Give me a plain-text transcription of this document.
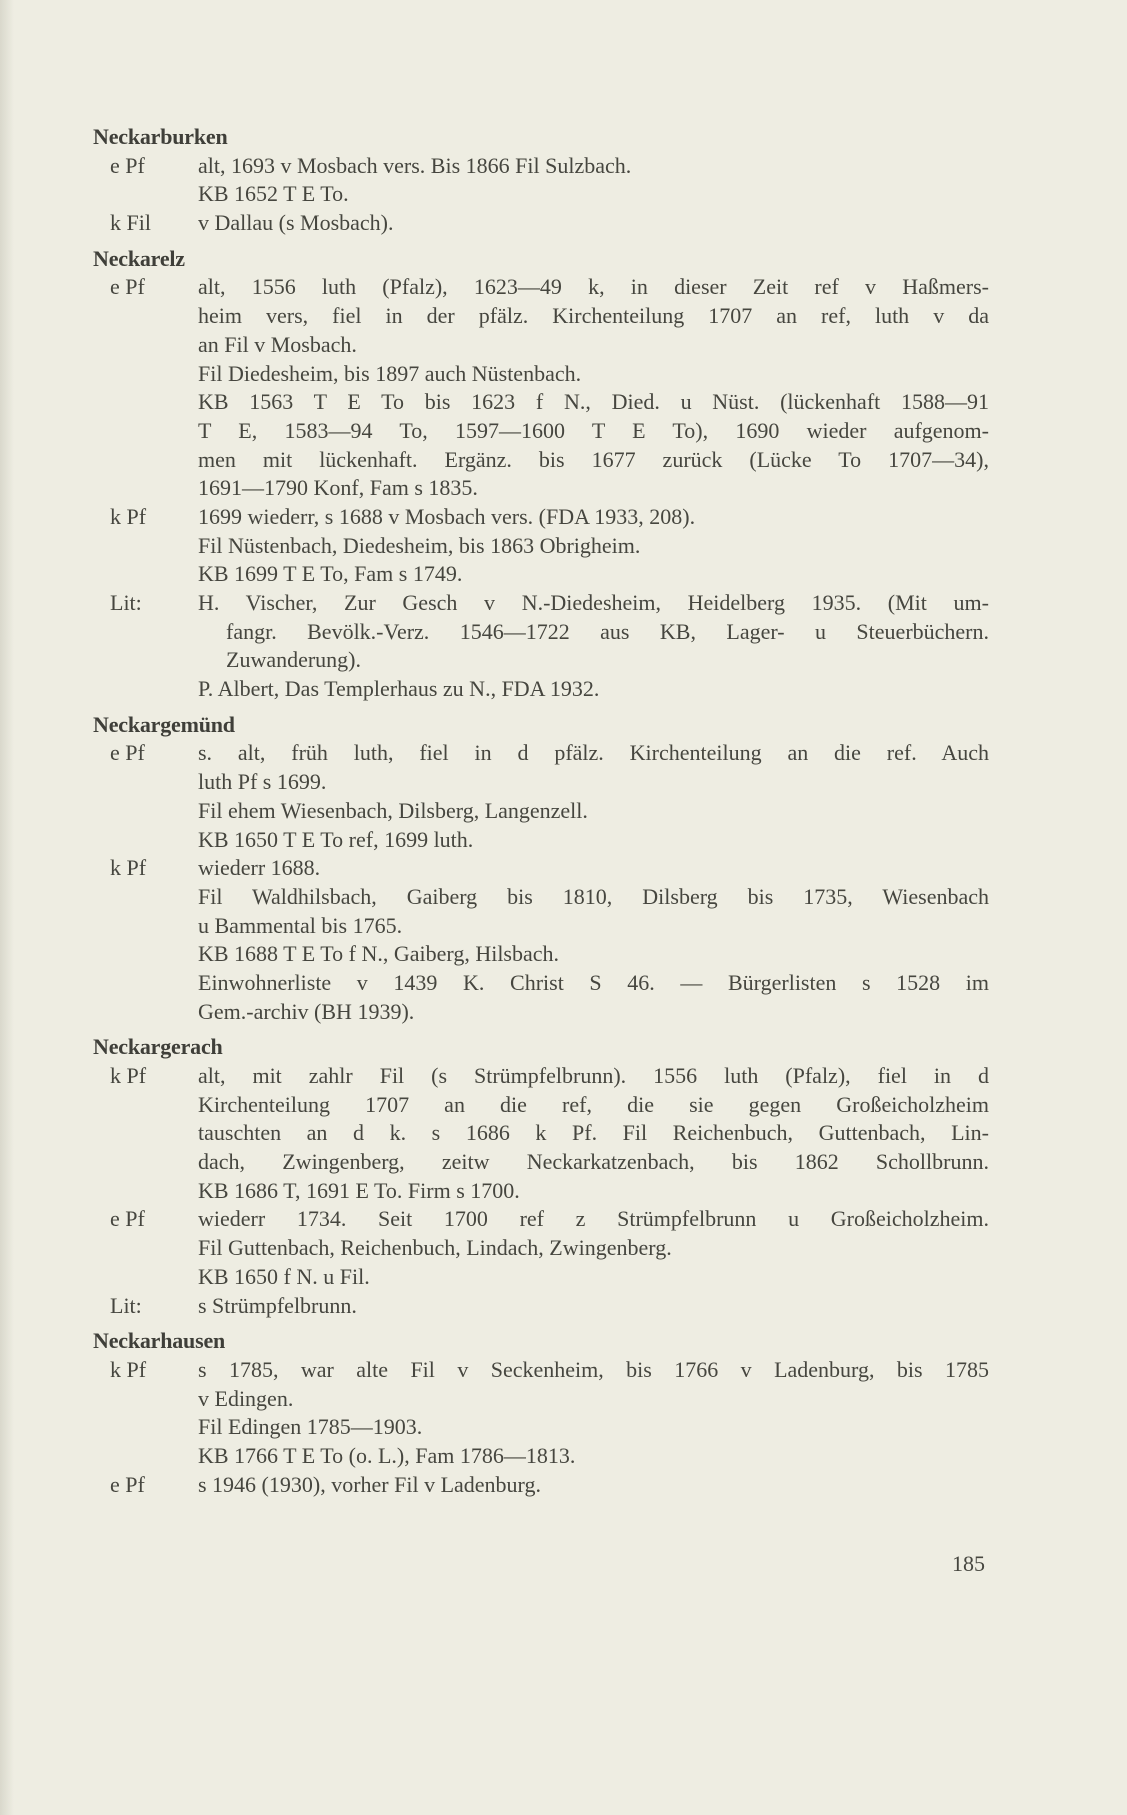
Neckarburken
e Pf alt, 1693 v Mosbach vers. Bis 1866 Fil Sulzbach.
KB 1652 T E To.
k Fil v Dallau (s Mosbach).
Neckarelz
e Pf alt, 1556 luth (Pfalz), 1623—49 k, in dieser Zeit ref v Haßmers-
heim vers, fiel in der pfälz. Kirchenteilung 1707 an ref, luth v da
an Fil v Mosbach.
Fil Diedesheim, bis 1897 auch Nüstenbach.
KB 1563 T E To bis 1623 f N., Died. u Nüst. (lückenhaft 1588—91
T E, 1583—94 To, 1597—1600 T E To), 1690 wieder aufgenom-
men mit lückenhaft. Ergänz. bis 1677 zurück (Lücke To 1707—34),
1691—1790 Konf, Fam s 1835.
k Pf 1699 wiederr, s 1688 v Mosbach vers. (FDA 1933, 208).
Fil Nüstenbach, Diedesheim, bis 1863 Obrigheim.
KB 1699 T E To, Fam s 1749.
Lit:	H. Vischer, Zur Gesch v N.-Diedesheim, Heidelberg 1935. (Mit um-
fangr. Bevölk.-Verz. 1546—1722 aus KB, Lager- u Steuerbüchern.
Zuwanderung).
P. Albert, Das Templerhaus zu N., FDA 1932.
Neckargemünd
e Pf s. alt, früh luth, fiel in d pfälz. Kirchenteilung an die ref. Auch
luth Pf s 1699.
Fil ehem Wiesenbach, Dilsberg, Langenzell.
KB 1650 T E To ref, 1699 luth.
k Pf wiederr 1688.
Fil Waldhilsbach, Gaiberg bis 1810, Dilsberg bis 1735, Wiesenbach
u Bammental bis 1765.
KB 1688 T E To f N., Gaiberg, Hilsbach.
Einwohnerliste v 1439 K. Christ S 46. — Bürgerlisten s 1528 im
Gem.-archiv (BH 1939).
Neckargerach
k Pf alt, mit zahlr Fil (s Strümpfelbrunn). 1556 luth (Pfalz), fiel in d
Kirchenteilung 1707 an die ref, die sie gegen Großeicholzheim
tauschten an d k. s 1686 k Pf. Fil Reichenbuch, Guttenbach, Lin-
dach, Zwingenberg, zeitw Neckarkatzenbach, bis 1862 Schollbrunn.
KB 1686 T, 1691 E To. Firm s 1700.
e Pf wiederr 1734. Seit 1700 ref z Strümpfelbrunn u Großeicholzheim.
Fil Guttenbach, Reichenbuch, Lindach, Zwingenberg.
KB 1650 f N. u Fil.
Lit:	s Strümpfelbrunn.
Neckarhausen
k Pf s 1785, war alte Fil v Seckenheim, bis 1766 v Ladenburg, bis 1785
v Edingen.
Fil Edingen 1785—1903.
KB 1766 T E To (o. L.), Fam 1786—1813.
e Pf s 1946 (1930), vorher Fil v Ladenburg.
185
